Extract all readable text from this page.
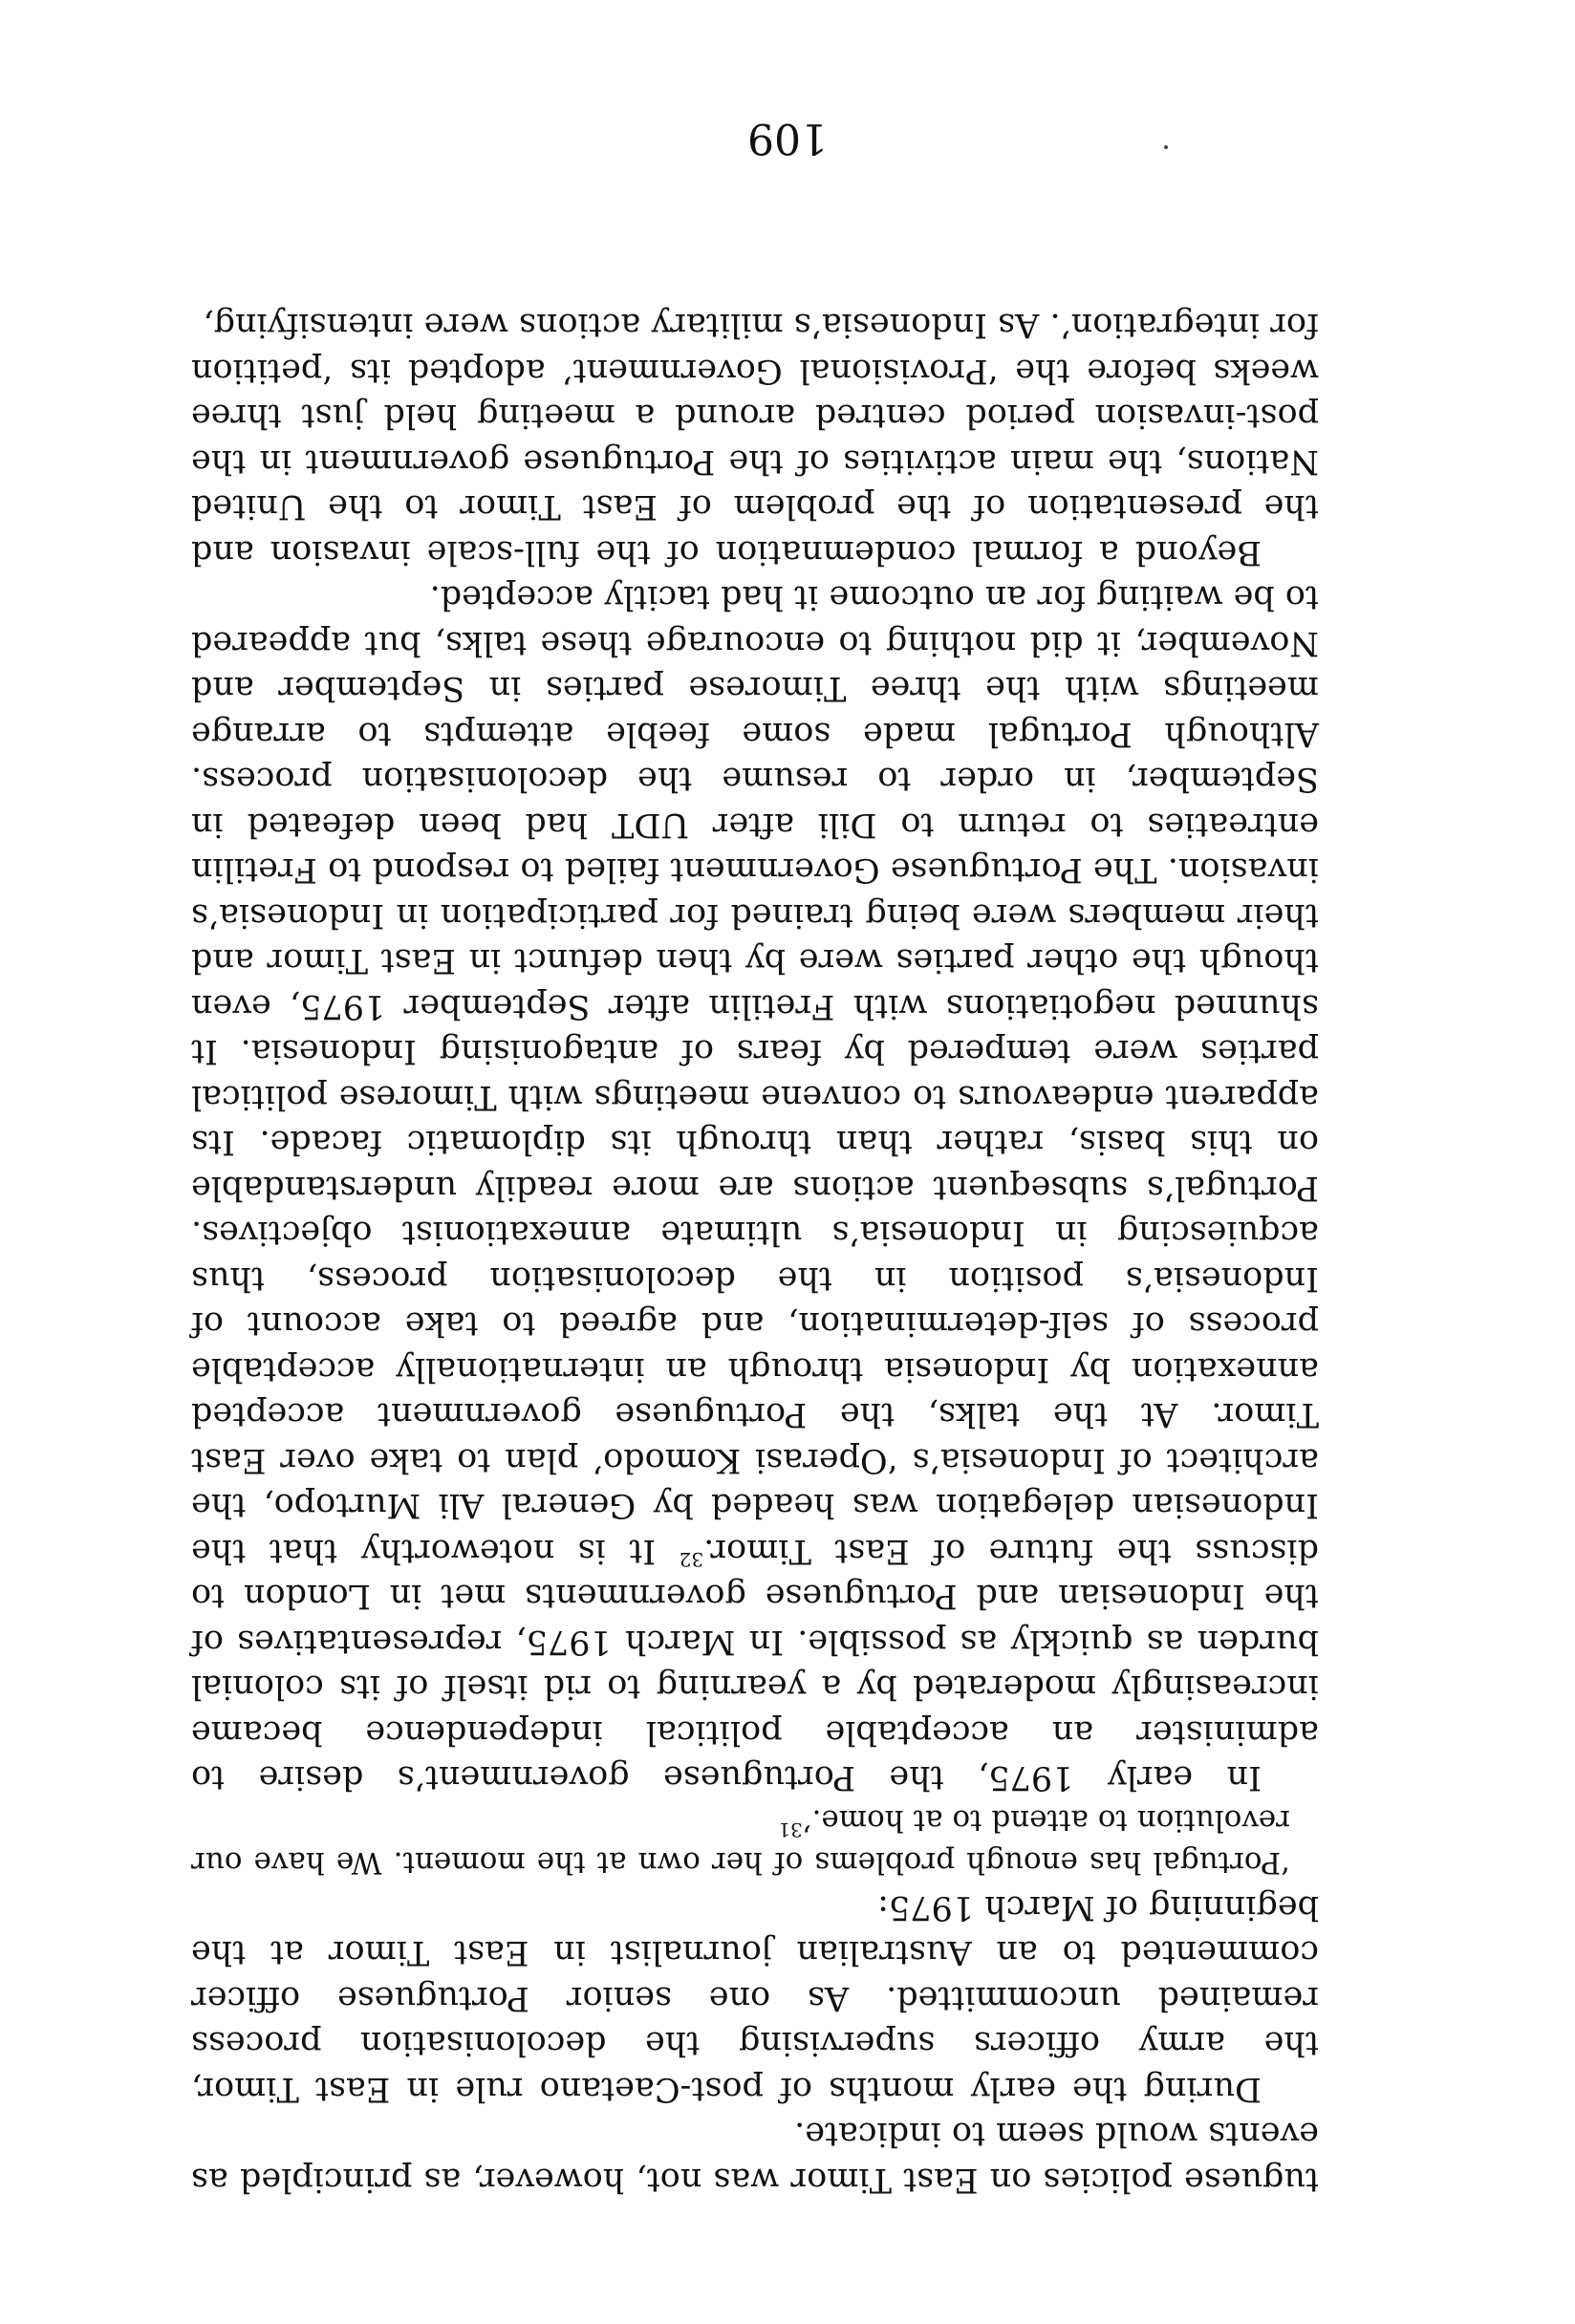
tuguese policies on East Timor was not, however, as principled as events would seem to indicate.

During the early months of post-Caetano rule in East Timor, the army officers supervising the decolonisation process remained uncommitted. As one senior Portuguese officer commented to an Australian journalist in East Timor at the beginning of March 1975:

‘Portugal has enough problems of her own at the moment. We have our revolution to attend to at home.’$^{31}$

In early 1975, the Portuguese government’s desire to administer an acceptable political independence became increasingly moderated by a yearning to rid itself of its colonial burden as quickly as possible. In March 1975, representatives of the Indonesian and Portuguese governments met in London to discuss the future of East Timor.$^{32}$ It is noteworthy that the Indonesian delegation was headed by General Ali Murtopo, the architect of Indonesia’s ‘Operasi Komodo’ plan to take over East Timor. At the talks, the Portuguese government accepted annexation by Indonesia through an internationally acceptable process of self-determination, and agreed to take account of Indonesia’s position in the decolonisation process, thus acquiescing in Indonesia’s ultimate annexationist objectives. Portugal’s subsequent actions are more readily understandable on this basis, rather than through its diplomatic facade. Its apparent endeavours to convene meetings with Timorese political parties were tempered by fears of antagonising Indonesia. It shunned negotiations with Fretilin after September 1975, even though the other parties were by then defunct in East Timor and their members were being trained for participation in Indonesia’s invasion. The Portuguese Government failed to respond to Fretilin entreaties to return to Dili after UDT had been defeated in September, in order to resume the decolonisation process. Although Portugal made some feeble attempts to arrange meetings with the three Timorese parties in September and November, it did nothing to encourage these talks, but appeared to be waiting for an outcome it had tacitly accepted.

Beyond a formal condemnation of the full-scale invasion and the presentation of the problem of East Timor to the United Nations, the main activities of the Portuguese government in the post-invasion period centred around a meeting held just three weeks before the ‘Provisional Government’ adopted its ‘petition for integration’. As Indonesia’s military actions were intensifying,

109
